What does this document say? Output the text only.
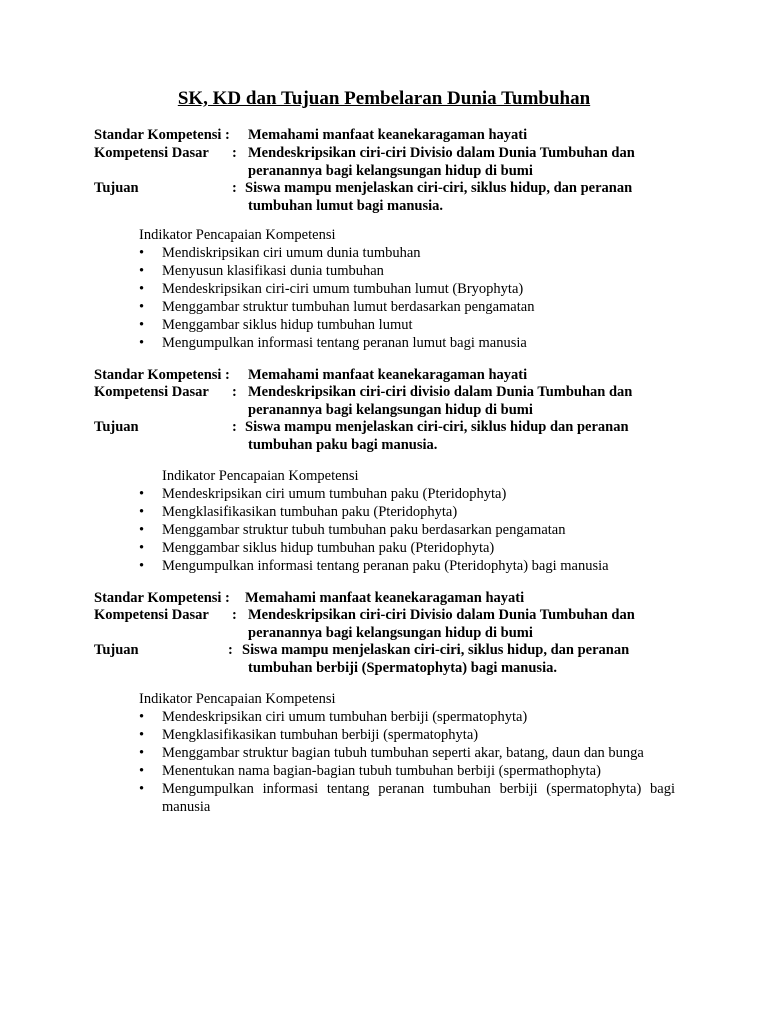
SK, KD dan Tujuan Pembelaran Dunia Tumbuhan
Standar Kompetensi : Memahami manfaat keanekaragaman hayati
Kompetensi Dasar : Mendeskripsikan ciri-ciri Divisio dalam Dunia Tumbuhan dan
peranannya bagi kelangsungan hidup di bumi
Tujuan	: Siswa mampu menjelaskan ciri-ciri, siklus hidup, dan peranan
tumbuhan lumut bagi manusia.
Indikator Pencapaian Kompetensi
•	Mendiskripsikan ciri umum dunia tumbuhan
•	Menyusun klasifikasi dunia tumbuhan
•	Mendeskripsikan ciri-ciri umum tumbuhan lumut (Bryophyta)
•	Menggambar struktur tumbuhan lumut berdasarkan pengamatan
•	Menggambar siklus hidup tumbuhan lumut
•	Mengumpulkan informasi tentang peranan lumut bagi manusia
Standar Kompetensi : Memahami manfaat keanekaragaman hayati
Kompetensi Dasar : Mendeskripsikan ciri-ciri divisio dalam Dunia Tumbuhan dan
peranannya bagi kelangsungan hidup di bumi
Tujuan	: Siswa mampu menjelaskan ciri-ciri, siklus hidup dan peranan
tumbuhan paku bagi manusia.
Indikator Pencapaian Kompetensi
•	Mendeskripsikan ciri umum tumbuhan paku (Pteridophyta)
•	Mengklasifikasikan tumbuhan paku (Pteridophyta)
•	Menggambar struktur tubuh tumbuhan paku berdasarkan pengamatan
•	Menggambar siklus hidup tumbuhan paku (Pteridophyta)
•	Mengumpulkan informasi tentang peranan paku (Pteridophyta) bagi manusia
Standar Kompetensi : Memahami manfaat keanekaragaman hayati
Kompetensi Dasar : Mendeskripsikan ciri-ciri Divisio dalam Dunia Tumbuhan dan
peranannya bagi kelangsungan hidup di bumi
Tujuan	: Siswa mampu menjelaskan ciri-ciri, siklus hidup, dan peranan
tumbuhan berbiji (Spermatophyta) bagi manusia.
Indikator Pencapaian Kompetensi
•	Mendeskripsikan ciri umum tumbuhan berbiji (spermatophyta)
•	Mengklasifikasikan tumbuhan berbiji (spermatophyta)
•	Menggambar struktur bagian tubuh tumbuhan seperti akar, batang, daun dan bunga
•	Menentukan nama bagian-bagian tubuh tumbuhan berbiji (spermathophyta)
•	Mengumpulkan informasi tentang peranan tumbuhan berbiji (spermatophyta) bagi manusia
